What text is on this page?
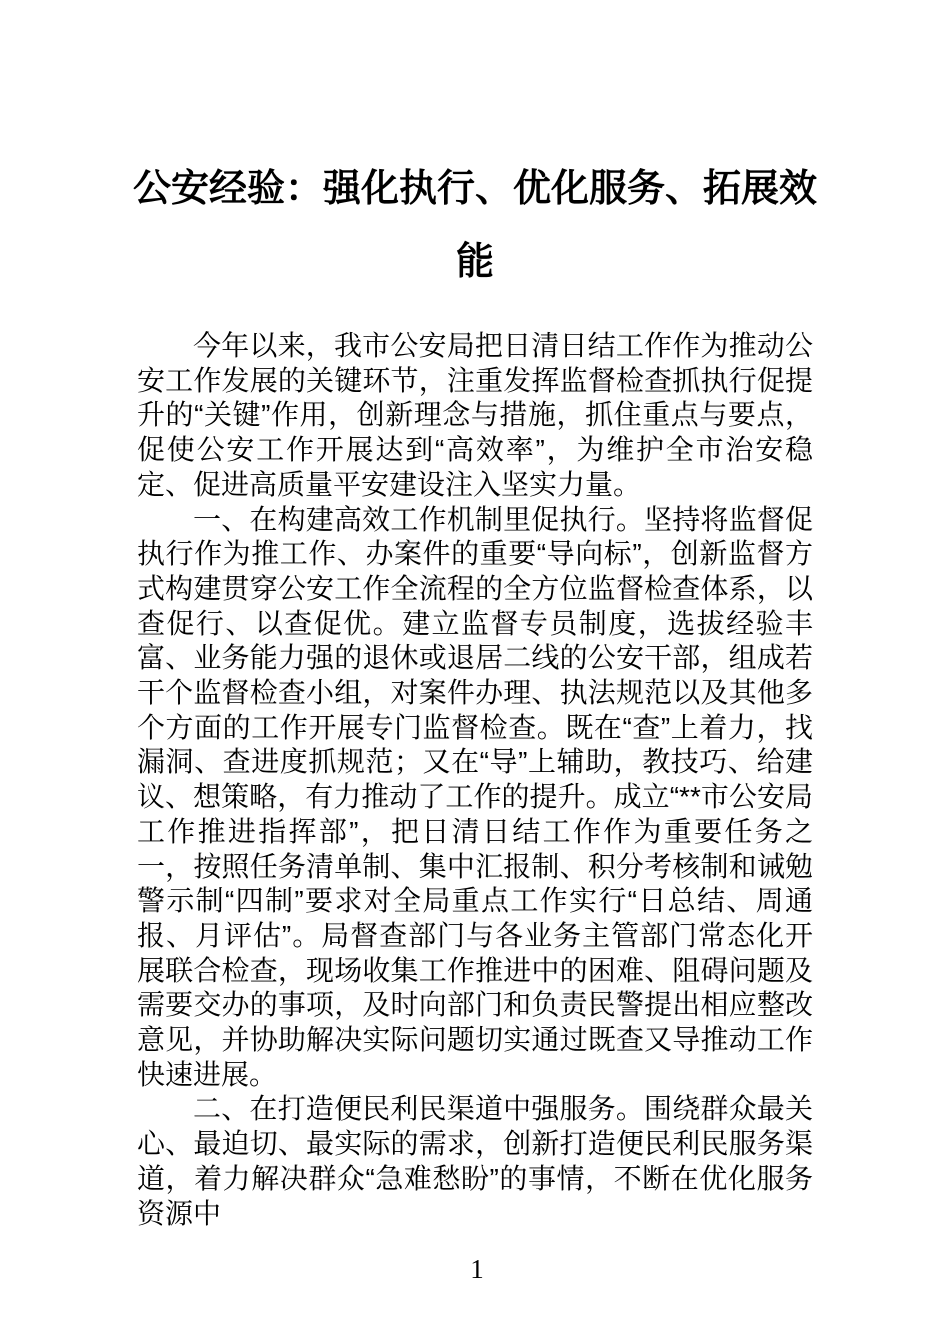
公安经验：强化执行、优化服务、拓展效
能

今年以来，我市公安局把日清日结工作作为推动公安工作发展的关键环节，注重发挥监督检查抓执行促提升的“关键”作用，创新理念与措施，抓住重点与要点，促使公安工作开展达到“高效率”，为维护全市治安稳定、促进高质量平安建设注入坚实力量。

一、在构建高效工作机制里促执行。坚持将监督促执行作为推工作、办案件的重要“导向标”，创新监督方式构建贯穿公安工作全流程的全方位监督检查体系，以查促行、以查促优。建立监督专员制度，选拔经验丰富、业务能力强的退休或退居二线的公安干部，组成若干个监督检查小组，对案件办理、执法规范以及其他多个方面的工作开展专门监督检查。既在“查”上着力，找漏洞、查进度抓规范；又在“导”上辅助，教技巧、给建议、想策略，有力推动了工作的提升。成立“**市公安局工作推进指挥部”，把日清日结工作作为重要任务之一，按照任务清单制、集中汇报制、积分考核制和诫勉警示制“四制”要求对全局重点工作实行“日总结、周通报、月评估”。局督查部门与各业务主管部门常态化开展联合检查，现场收集工作推进中的困难、阻碍问题及需要交办的事项，及时向部门和负责民警提出相应整改意见，并协助解决实际问题切实通过既查又导推动工作快速进展。

二、在打造便民利民渠道中强服务。围绕群众最关心、最迫切、最实际的需求，创新打造便民利民服务渠道，着力解决群众“急难愁盼”的事情，不断在优化服务资源中

1
